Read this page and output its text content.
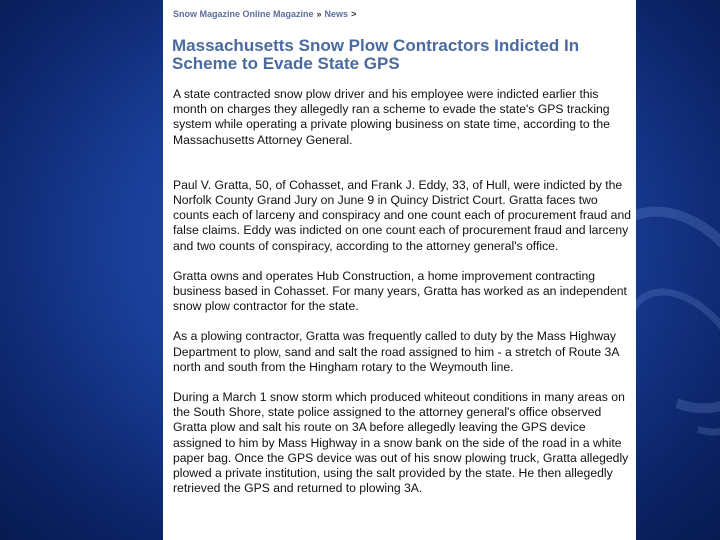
Snow Magazine Online Magazine » News >
Massachusetts Snow Plow Contractors Indicted In Scheme to Evade State GPS

A state contracted snow plow driver and his employee were indicted earlier this month on charges they allegedly ran a scheme to evade the state's GPS tracking system while operating a private plowing business on state time, according to the Massachusetts Attorney General.

Paul V. Gratta, 50, of Cohasset, and Frank J. Eddy, 33, of Hull, were indicted by the Norfolk County Grand Jury on June 9 in Quincy District Court. Gratta faces two counts each of larceny and conspiracy and one count each of procurement fraud and false claims. Eddy was indicted on one count each of procurement fraud and larceny and two counts of conspiracy, according to the attorney general's office.

Gratta owns and operates Hub Construction, a home improvement contracting business based in Cohasset. For many years, Gratta has worked as an independent snow plow contractor for the state.

As a plowing contractor, Gratta was frequently called to duty by the Mass Highway Department to plow, sand and salt the road assigned to him - a stretch of Route 3A north and south from the Hingham rotary to the Weymouth line.

During a March 1 snow storm which produced whiteout conditions in many areas on the South Shore, state police assigned to the attorney general's office observed Gratta plow and salt his route on 3A before allegedly leaving the GPS device assigned to him by Mass Highway in a snow bank on the side of the road in a white paper bag. Once the GPS device was out of his snow plowing truck, Gratta allegedly plowed a private institution, using the salt provided by the state. He then allegedly retrieved the GPS and returned to plowing 3A.
